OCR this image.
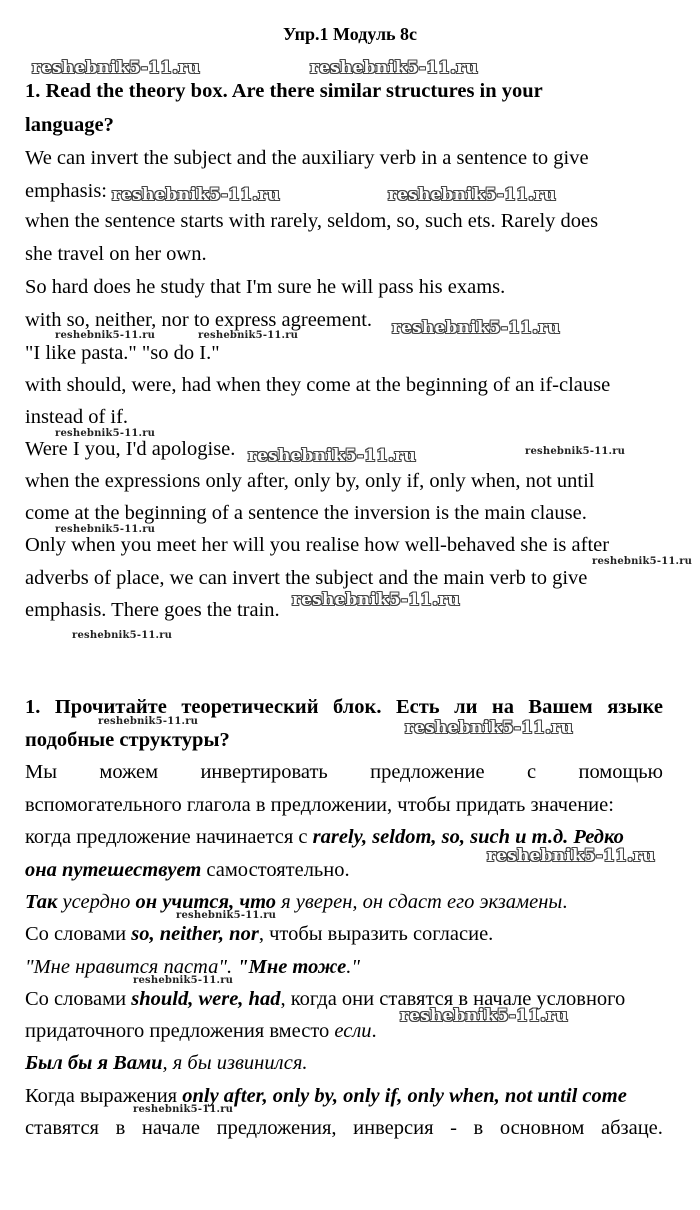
Упр.1 Модуль 8с
1. Read the theory box. Are there similar structures in your
language?
We can invert the subject and the auxiliary verb in a sentence to give
emphasis:
when the sentence starts with rarely, seldom, so, such ets. Rarely does
she travel on her own.
So hard does he study that I'm sure he will pass his exams.
with so, neither, nor to express agreement.
"I like pasta." "so do I."
with should, were, had when they come at the beginning of an if-clause
instead of if.
Were I you, I'd apologise.
when the expressions only after, only by, only if, only when, not until
come at the beginning of a sentence the inversion is the main clause.
Only when you meet her will you realise how well-behaved she is after
adverbs of place, we can invert the subject and the main verb to give
emphasis. There goes the train.
1. Прочитайте теоретический блок. Есть ли на Вашем языке
подобные структуры?
Мы можем инвертировать предложение с помощью
вспомогательного глагола в предложении, чтобы придать значение:
когда предложение начинается с rarely, seldom, so, such и т.д. Редко
она путешествует самостоятельно.
Так усердно он учится, что я уверен, он сдаст его экзамены.
Со словами so, neither, nor, чтобы выразить согласие.
"Мне нравится паста". "Мне тоже."
Со словами should, were, had, когда они ставятся в начале условного
придаточного предложения вместо если.
Был бы я Вами, я бы извинился.
Когда выражения only after, only by, only if, only when, not until come
ставятся в начале предложения, инверсия - в основном абзаце.
reshebnik5-11.ru	reshebnik5-11.ru
reshebnik5-11.ru	reshebnik5-11.ru
reshebnik5-11.ru
reshebnik5-11.ru	reshebnik5-11.ru
reshebnik5-11.ru
reshebnik5-11.ru	reshebnik5-11.ru
reshebnik5-11.ru
reshebnik5-11.ru
reshebnik5-11.ru
reshebnik5-11.ru
reshebnik5-11.ru	reshebnik5-11.ru
reshebnik5-11.ru
reshebnik5-11.ru
reshebnik5-11.ru
reshebnik5-11.ru
reshebnik5-11.ru
